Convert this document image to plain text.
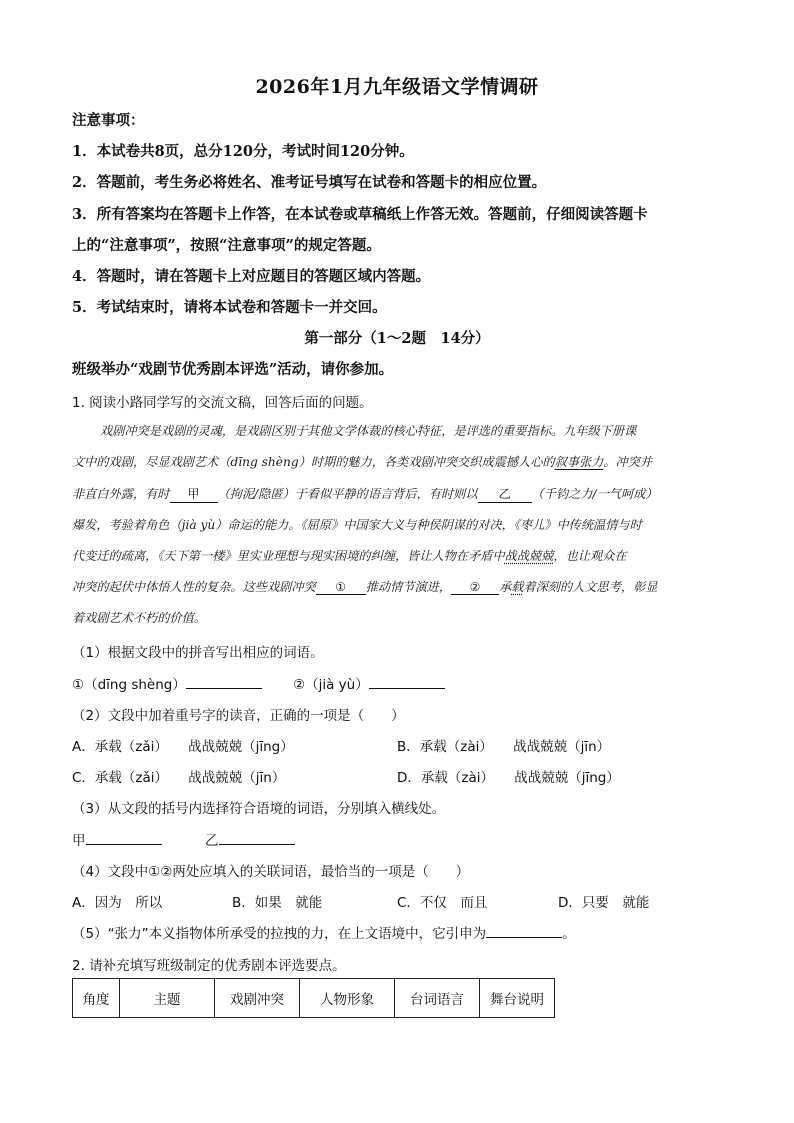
2026年1月九年级语文学情调研
注意事项：
1．本试卷共8页，总分120分，考试时间120分钟。
2．答题前，考生务必将姓名、准考证号填写在试卷和答题卡的相应位置。
3．所有答案均在答题卡上作答，在本试卷或草稿纸上作答无效。答题前，仔细阅读答题卡
上的“注意事项”，按照“注意事项”的规定答题。
4．答题时，请在答题卡上对应题目的答题区域内答题。
5．考试结束时，请将本试卷和答题卡一并交回。
第一部分（1～2题　14分）
班级举办“戏剧节优秀剧本评选”活动，请你参加。
1. 阅读小路同学写的交流文稿，回答后面的问题。
戏剧冲突是戏剧的灵魂，是戏剧区别于其他文学体裁的核心特征，是评选的重要指标。九年级下册课
文中的戏剧，尽显戏剧艺术（dīng shèng）时期的魅力，各类戏剧冲突交织成震撼人心的叙事张力。冲突并
非直白外露，有时 甲 （拘泥/隐匿）于看似平静的语言背后，有时则以 乙 （千钧之力/一气呵成）
爆发，考验着角色（jià yù）命运的能力。《屈原》中国家大义与种侯阴谋的对决，《枣儿》中传统温情与时
代变迁的疏离，《天下第一楼》里实业理想与现实困境的纠缠，皆让人物在矛盾中战战兢兢，也让观众在
冲突的起伏中体悟人性的复杂。这些戏剧冲突 ① 推动情节演进， ② 承载着深刻的人文思考，彰显
着戏剧艺术不朽的价值。
（1）根据文段中的拼音写出相应的词语。
①（dīng shèng）	②（jià yù）
（2）文段中加着重号字的读音，正确的一项是（　　）
A．承载（zǎi）　　战战兢兢（jīng）	B．承载（zài）　　战战兢兢（jīn）
C．承载（zǎi）　　战战兢兢（jīn）	D．承载（zài）　　战战兢兢（jīng）
（3）从文段的括号内选择符合语境的词语，分别填入横线处。
甲	乙
（4）文段中①②两处应填入的关联词语，最恰当的一项是（　　）
A．因为　所以	B．如果　就能	C．不仅　而且	D．只要　就能
（5）“张力”本义指物体所承受的拉拽的力，在上文语境中，它引申为	。
2. 请补充填写班级制定的优秀剧本评选要点。
角度	主题	戏剧冲突	人物形象	台词语言	舞台说明
